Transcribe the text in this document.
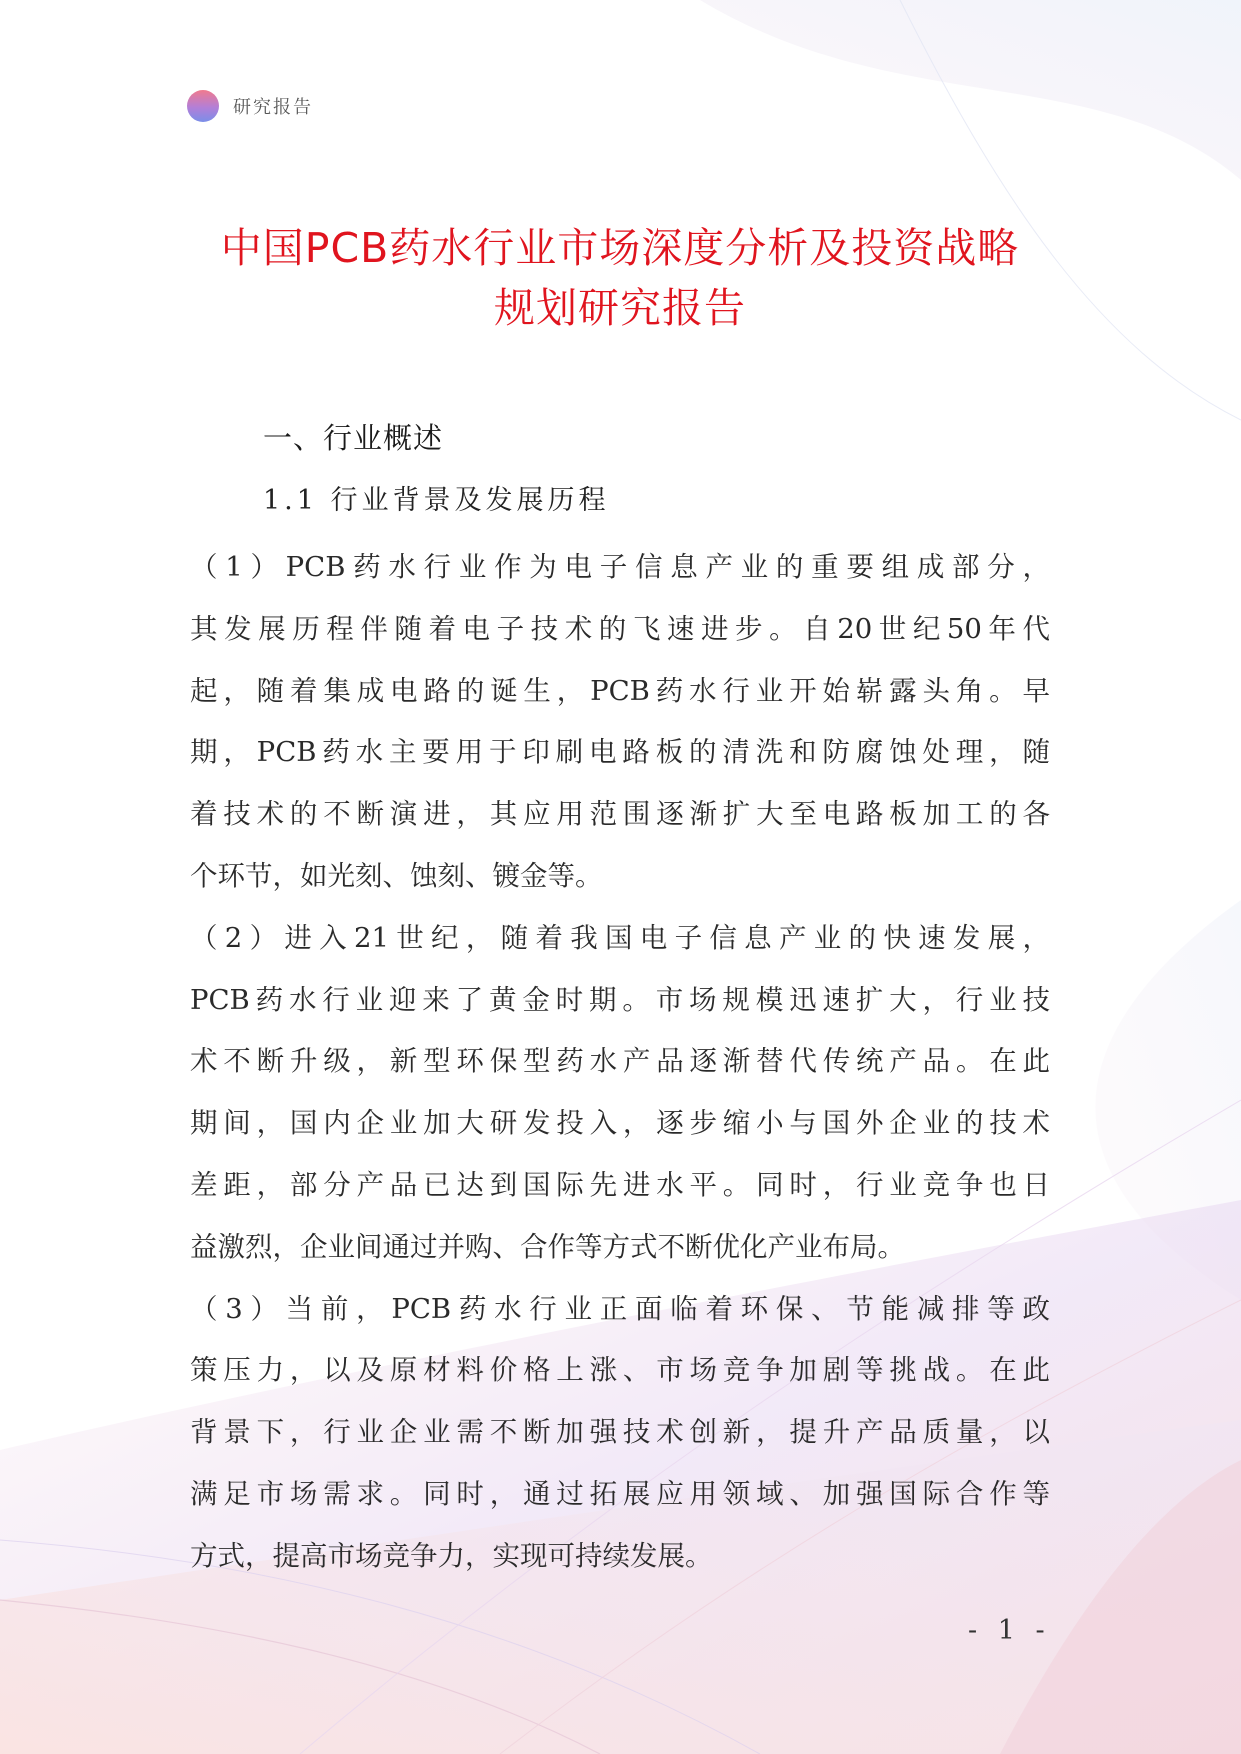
研究报告
中国PCB药水行业市场深度分析及投资战略
规划研究报告
一、行业概述
1.1 行业背景及发展历程
（1）PCB药水行业作为电子信息产业的重要组成部分，
其发展历程伴随着电子技术的飞速进步。自20世纪50年代
起，随着集成电路的诞生，PCB药水行业开始崭露头角。早
期，PCB药水主要用于印刷电路板的清洗和防腐蚀处理，随
着技术的不断演进，其应用范围逐渐扩大至电路板加工的各
个环节，如光刻、蚀刻、镀金等。
（2）进入21世纪，随着我国电子信息产业的快速发展，
PCB药水行业迎来了黄金时期。市场规模迅速扩大，行业技
术不断升级，新型环保型药水产品逐渐替代传统产品。在此
期间，国内企业加大研发投入，逐步缩小与国外企业的技术
差距，部分产品已达到国际先进水平。同时，行业竞争也日
益激烈，企业间通过并购、合作等方式不断优化产业布局。
（3）当前，PCB药水行业正面临着环保、节能减排等政
策压力，以及原材料价格上涨、市场竞争加剧等挑战。在此
背景下，行业企业需不断加强技术创新，提升产品质量，以
满足市场需求。同时，通过拓展应用领域、加强国际合作等
方式，提高市场竞争力，实现可持续发展。
- 1 -
